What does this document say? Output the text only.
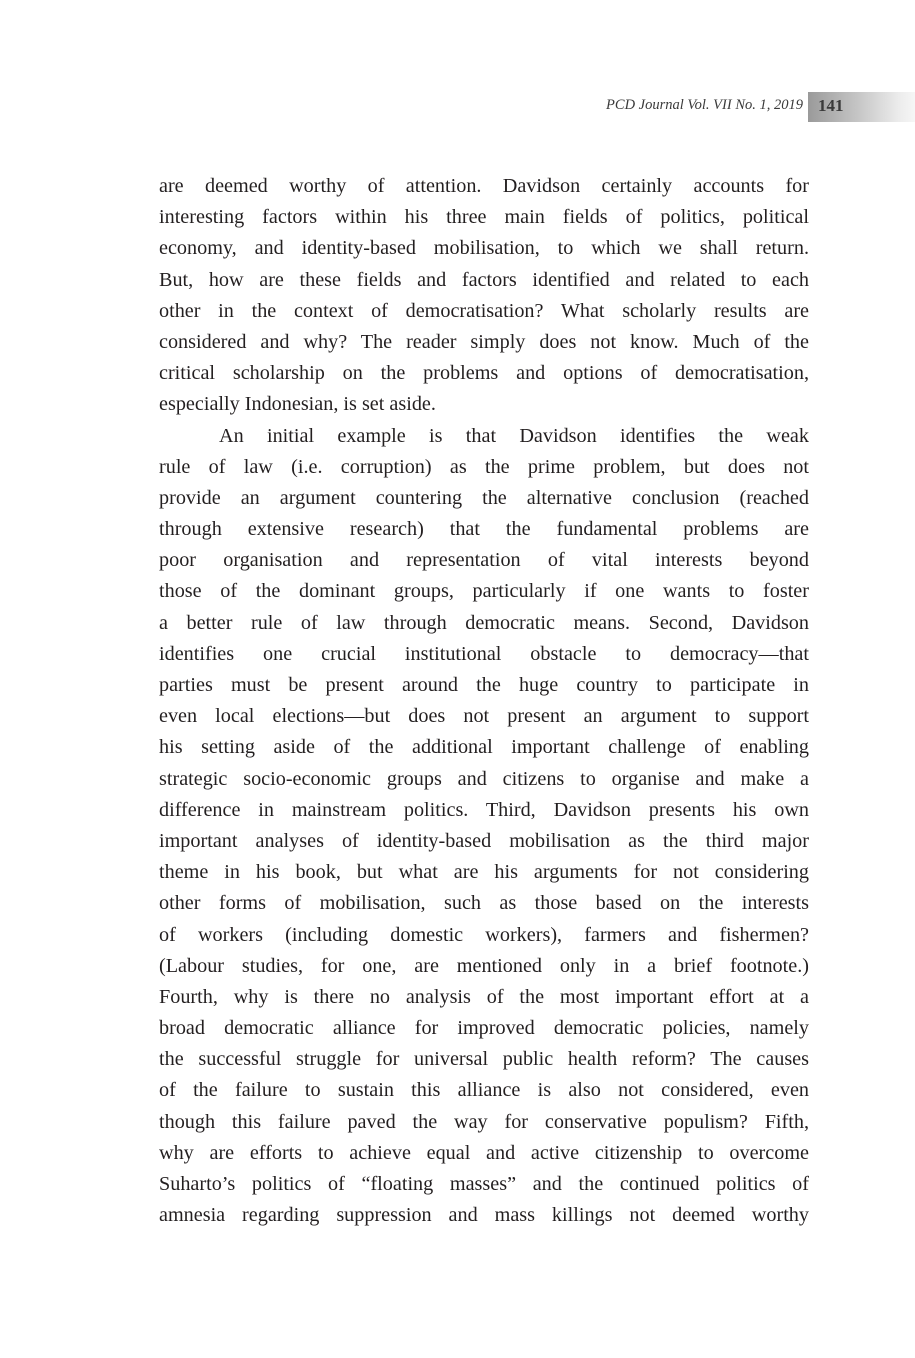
PCD Journal Vol. VII No. 1, 2019 141
are deemed worthy of attention. Davidson certainly accounts for
interesting factors within his three main fields of politics, political
economy, and identity-based mobilisation, to which we shall return.
But, how are these fields and factors identified and related to each
other in the context of democratisation? What scholarly results are
considered and why? The reader simply does not know. Much of the
critical scholarship on the problems and options of democratisation,
especially Indonesian, is set aside.
An initial example is that Davidson identifies the weak
rule of law (i.e. corruption) as the prime problem, but does not
provide an argument countering the alternative conclusion (reached
through extensive research) that the fundamental problems are
poor organisation and representation of vital interests beyond
those of the dominant groups, particularly if one wants to foster
a better rule of law through democratic means. Second, Davidson
identifies one crucial institutional obstacle to democracy—that
parties must be present around the huge country to participate in
even local elections—but does not present an argument to support
his setting aside of the additional important challenge of enabling
strategic socio-economic groups and citizens to organise and make a
difference in mainstream politics. Third, Davidson presents his own
important analyses of identity-based mobilisation as the third major
theme in his book, but what are his arguments for not considering
other forms of mobilisation, such as those based on the interests
of workers (including domestic workers), farmers and fishermen?
(Labour studies, for one, are mentioned only in a brief footnote.)
Fourth, why is there no analysis of the most important effort at a
broad democratic alliance for improved democratic policies, namely
the successful struggle for universal public health reform? The causes
of the failure to sustain this alliance is also not considered, even
though this failure paved the way for conservative populism? Fifth,
why are efforts to achieve equal and active citizenship to overcome
Suharto’s politics of “floating masses” and the continued politics of
amnesia regarding suppression and mass killings not deemed worthy
